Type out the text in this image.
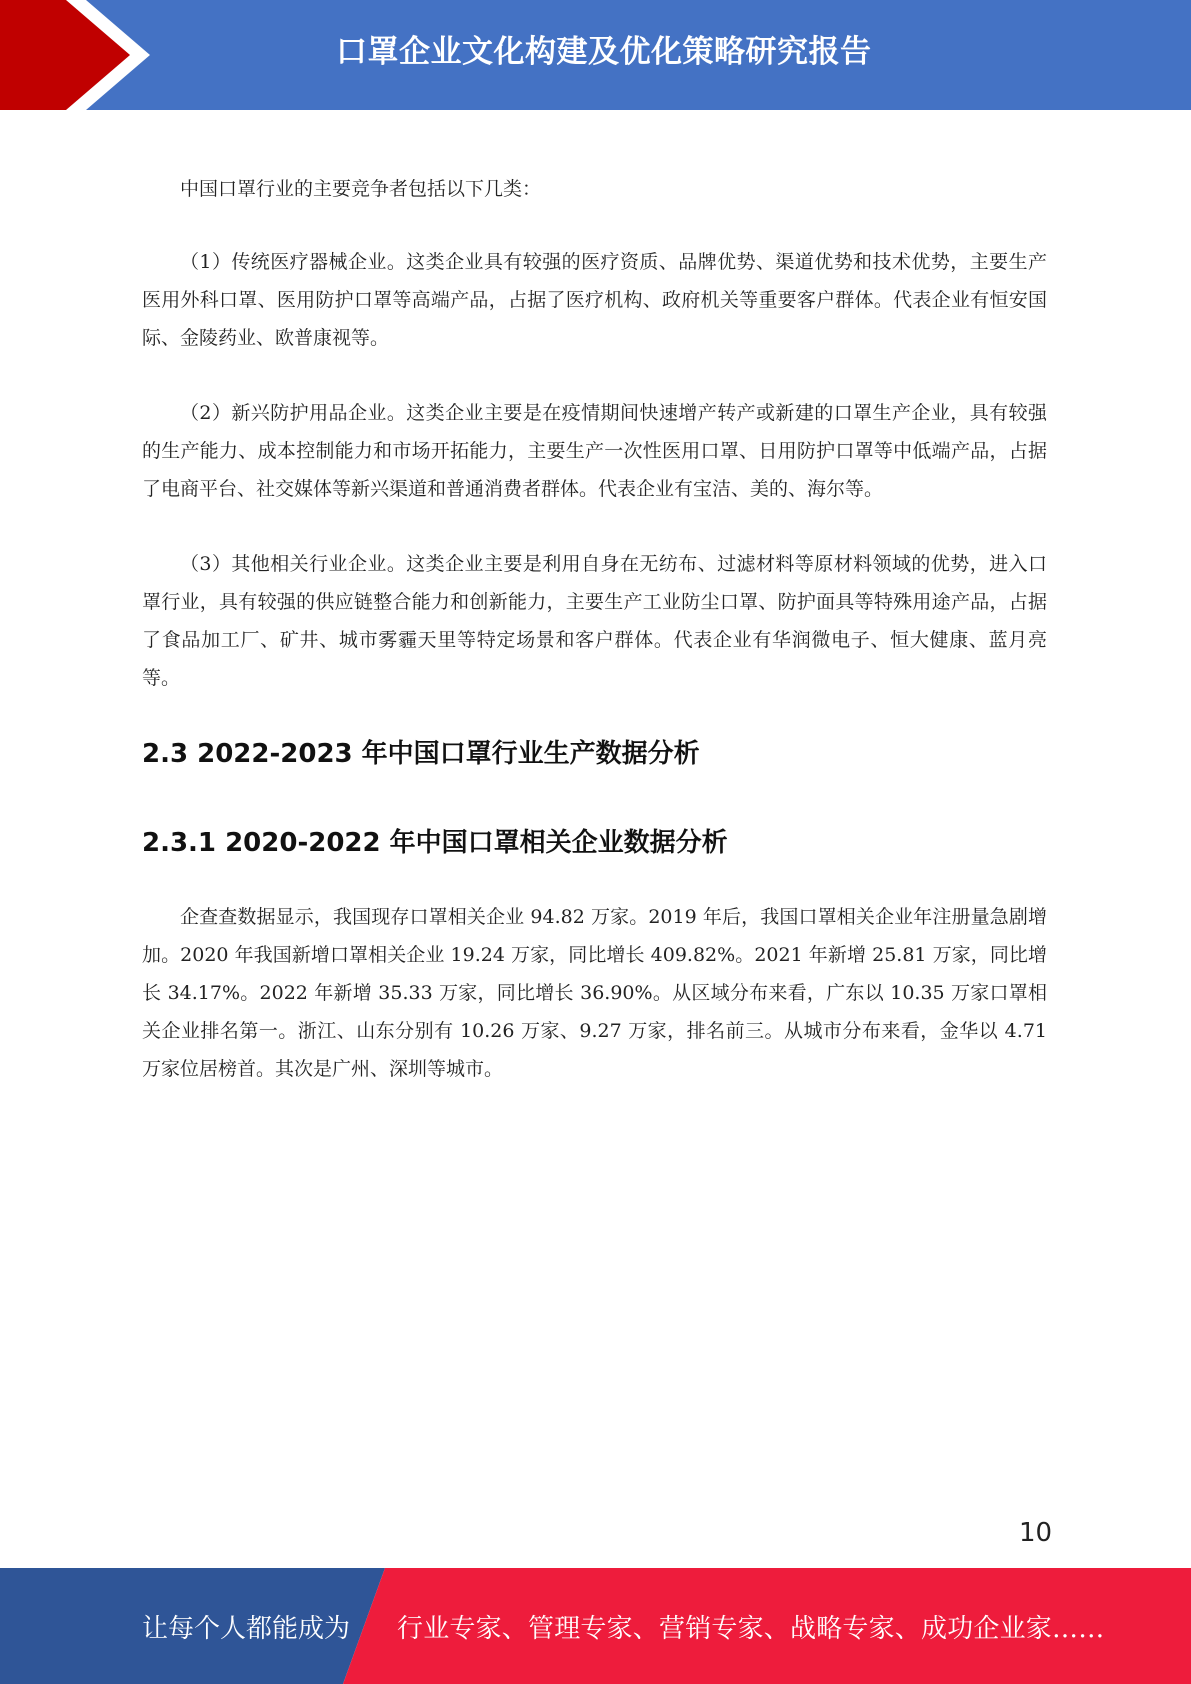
口罩企业文化构建及优化策略研究报告

中国口罩行业的主要竞争者包括以下几类：

（1）传统医疗器械企业。这类企业具有较强的医疗资质、品牌优势、渠道优势和技术优势，主要生产医用外科口罩、医用防护口罩等高端产品，占据了医疗机构、政府机关等重要客户群体。代表企业有恒安国际、金陵药业、欧普康视等。

（2）新兴防护用品企业。这类企业主要是在疫情期间快速增产转产或新建的口罩生产企业，具有较强的生产能力、成本控制能力和市场开拓能力，主要生产一次性医用口罩、日用防护口罩等中低端产品，占据了电商平台、社交媒体等新兴渠道和普通消费者群体。代表企业有宝洁、美的、海尔等。

（3）其他相关行业企业。这类企业主要是利用自身在无纺布、过滤材料等原材料领域的优势，进入口罩行业，具有较强的供应链整合能力和创新能力，主要生产工业防尘口罩、防护面具等特殊用途产品，占据了食品加工厂、矿井、城市雾霾天里等特定场景和客户群体。代表企业有华润微电子、恒大健康、蓝月亮等。

2.3 2022-2023 年中国口罩行业生产数据分析
2.3.1 2020-2022 年中国口罩相关企业数据分析

企查查数据显示，我国现存口罩相关企业 94.82 万家。2019 年后，我国口罩相关企业年注册量急剧增加。2020 年我国新增口罩相关企业 19.24 万家，同比增长 409.82%。2021 年新增 25.81 万家，同比增长 34.17%。2022 年新增 35.33 万家，同比增长 36.90%。从区域分布来看，广东以 10.35 万家口罩相关企业排名第一。浙江、山东分别有 10.26 万家、9.27 万家，排名前三。从城市分布来看，金华以 4.71 万家位居榜首。其次是广州、深圳等城市。

10
让每个人都能成为 行业专家、管理专家、营销专家、战略专家、成功企业家……
